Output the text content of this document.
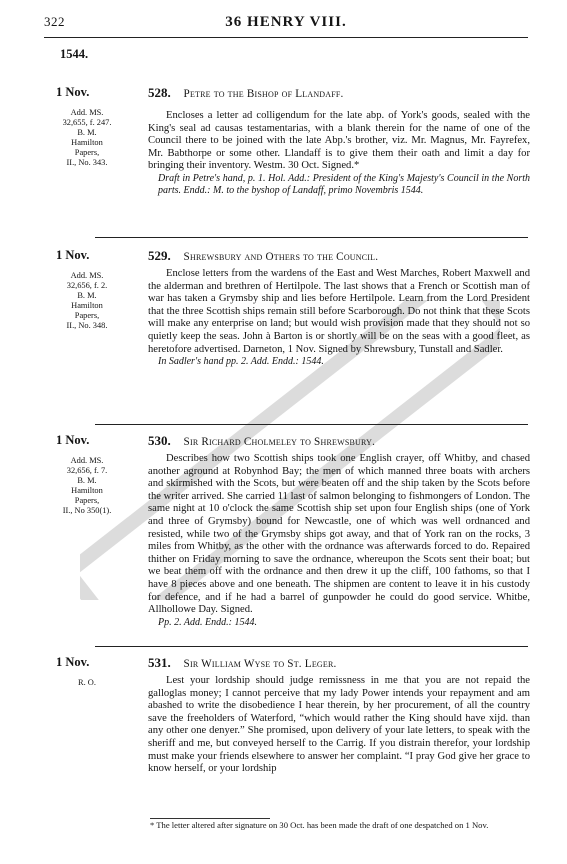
322	36 HENRY VIII.
1544.
1 Nov.
Add. MS.
32,655, f. 247.
B. M.
Hamilton
Papers,
II., No. 343.
528. Petre to the Bishop of Llandaff.

Encloses a letter ad colligendum for the late abp. of York's goods, sealed with the King's seal ad causas testamentarias, with a blank therein for the name of one of the Council there to be joined with the late Abp.'s brother, viz. Mr. Magnus, Mr. Fayrefex, Mr. Babthorpe or some other. Llandaff is to give them their oath and limit a day for bringing their inventory. Westm. 30 Oct. Signed.*

Draft in Petre's hand, p. 1. Hol. Add.: President of the King's Majesty's Council in the North parts. Endd.: M. to the byshop of Landaff, primo Novembris 1544.

1 Nov.
Add. MS.
32,656, f. 2.
B. M.
Hamilton
Papers,
II., No. 348.
529. Shrewsbury and Others to the Council.

Enclose letters from the wardens of the East and West Marches, Robert Maxwell and the alderman and brethren of Hertilpole. The last shows that a French or Scottish man of war has taken a Grymsby ship and lies before Hertilpole. Learn from the Lord President that the three Scottish ships remain still before Scarborough. Do not think that these Scots will make any enterprise on land; but would wish provision made that they should not so quietly keep the seas. John à Barton is or shortly will be on the seas with a good fleet, as heretofore advertised. Darneton, 1 Nov. Signed by Shrewsbury, Tunstall and Sadler.

In Sadler's hand pp. 2. Add. Endd.: 1544.

1 Nov.
Add. MS.
32,656, f. 7.
B. M.
Hamilton
Papers,
II., No 350(1).
530. Sir Richard Cholmeley to Shrewsbury.

Describes how two Scottish ships took one English crayer, off Whitby, and chased another aground at Robynhod Bay; the men of which manned three boats with archers and skirmished with the Scots, but were beaten off and the ship taken by the Scots before the writer arrived. She carried 11 last of salmon belonging to fishmongers of London. The same night at 10 o'clock the same Scottish ship set upon four English ships (one of York and three of Grymsby) bound for Newcastle, one of which was well ordnanced and resisted, while two of the Grymsby ships got away, and that of York ran on the rocks, 3 miles from Whitby, as the other with the ordnance was afterwards forced to do. Repaired thither on Friday morning to save the ordnance, whereupon the Scots sent their boat; but we beat them off with the ordnance and then drew it up the cliff, 100 fathoms, so that I have 8 pieces above and one beneath. The shipmen are content to leave it in his custody for defence, and if he had a barrel of gunpowder he could do good service. Whitbe, Allhollowe Day. Signed.

Pp. 2. Add. Endd.: 1544.

1 Nov.
R. O.
531. Sir William Wyse to St. Leger.

Lest your lordship should judge remissness in me that you are not repaid the galloglas money; I cannot perceive that my lady Power intends your repayment and am abashed to write the disobedience I hear therein, by her procurement, of all the country save the freeholders of Waterford, “which would rather the King should have xijd. than any other one denyer.” She promised, upon delivery of your late letters, to speak with the sheriff and me, but conveyed herself to the Carrig. If you distrain therefor, your lordship must make your friends elsewhere to answer her complaint. “I pray God give her grace to know herself, or your lordship

* The letter altered after signature on 30 Oct. has been made the draft of one despatched on 1 Nov.
